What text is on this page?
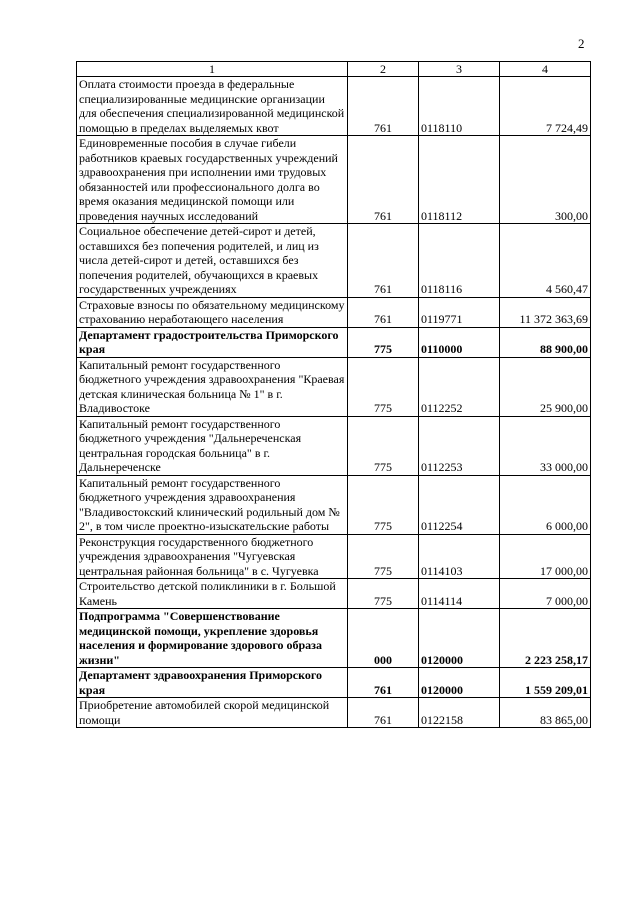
2
1	2	3	4
Оплата стоимости проезда в федеральные специализированные медицинские организации для обеспечения специализированной медицинской помощью в пределах выделяемых квот	761	0118110	7 724,49
Единовременные пособия в случае гибели работников краевых государственных учреждений здравоохранения при исполнении ими трудовых обязанностей или профессионального долга во время оказания медицинской помощи или проведения научных исследований	761	0118112	300,00
Социальное обеспечение детей-сирот и детей, оставшихся без попечения родителей, и лиц из числа детей-сирот и детей, оставшихся без попечения родителей, обучающихся в краевых государственных учреждениях	761	0118116	4 560,47
Страховые взносы по обязательному медицинскому страхованию неработающего населения	761	0119771	11 372 363,69
Департамент градостроительства Приморского края	775	0110000	88 900,00
Капитальный ремонт государственного бюджетного учреждения здравоохранения "Краевая детская клиническая больница № 1" в г. Владивостоке	775	0112252	25 900,00
Капитальный ремонт государственного бюджетного учреждения "Дальнереченская центральная городская больница" в г. Дальнереченске	775	0112253	33 000,00
Капитальный ремонт государственного бюджетного учреждения здравоохранения "Владивостокский клинический родильный дом № 2", в том числе проектно-изыскательские работы	775	0112254	6 000,00
Реконструкция государственного бюджетного учреждения здравоохранения "Чугуевская центральная районная больница" в с. Чугуевка	775	0114103	17 000,00
Строительство детской поликлиники в г. Большой Камень	775	0114114	7 000,00
Подпрограмма "Совершенствование медицинской помощи, укрепление здоровья населения и формирование здорового образа жизни"	000	0120000	2 223 258,17
Департамент здравоохранения Приморского края	761	0120000	1 559 209,01
Приобретение автомобилей скорой медицинской помощи	761	0122158	83 865,00
